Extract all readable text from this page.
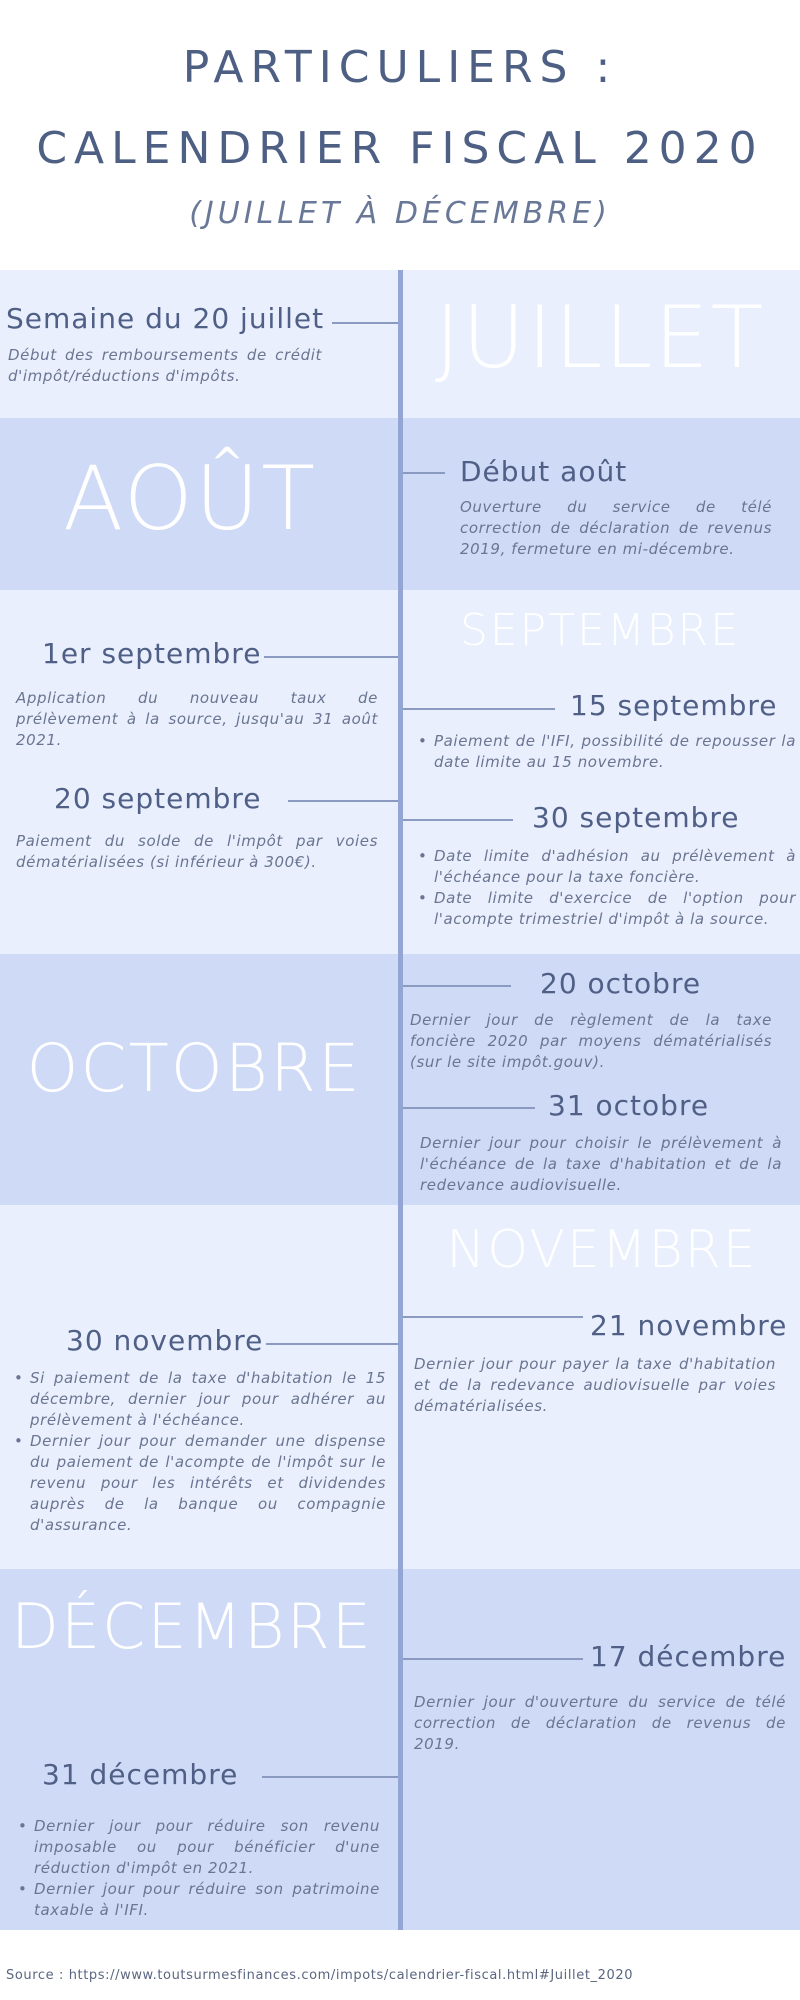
PARTICULIERS :
CALENDRIER FISCAL 2020
(JUILLET À DÉCEMBRE)
JUILLET
AOÛT
SEPTEMBRE
OCTOBRE
NOVEMBRE
DÉCEMBRE
Semaine du 20 juillet
Début des remboursements de crédit d'impôt/réductions d'impôts.
Début août
Ouverture du service de télé correction de déclaration de revenus 2019, fermeture en mi-décembre.
1er septembre
Application du nouveau taux de prélèvement à la source, jusqu'au 31 août 2021.
20 septembre
Paiement du solde de l'impôt par voies dématérialisées (si inférieur à 300€).
15 septembre
• Paiement de l'IFI, possibilité de repousser la date limite au 15 novembre.
30 septembre
• Date limite d'adhésion au prélèvement à l'échéance pour la taxe foncière.
• Date limite d'exercice de l'option pour l'acompte trimestriel d'impôt à la source.
20 octobre
Dernier jour de règlement de la taxe foncière 2020 par moyens dématérialisés (sur le site impôt.gouv).
31 octobre
Dernier jour pour choisir le prélèvement à l'échéance de la taxe d'habitation et de la redevance audiovisuelle.
21 novembre
Dernier jour pour payer la taxe d'habitation et de la redevance audiovisuelle par voies dématérialisées.
30 novembre
• Si paiement de la taxe d'habitation le 15 décembre, dernier jour pour adhérer au prélèvement à l'échéance.
• Dernier jour pour demander une dispense du paiement de l'acompte de l'impôt sur le revenu pour les intérêts et dividendes auprès de la banque ou compagnie d'assurance.
17 décembre
Dernier jour d'ouverture du service de télé correction de déclaration de revenus de 2019.
31 décembre
• Dernier jour pour réduire son revenu imposable ou pour bénéficier d'une réduction d'impôt en 2021.
• Dernier jour pour réduire son patrimoine taxable à l'IFI.
Source : https://www.toutsurmesfinances.com/impots/calendrier-fiscal.html#Juillet_2020
